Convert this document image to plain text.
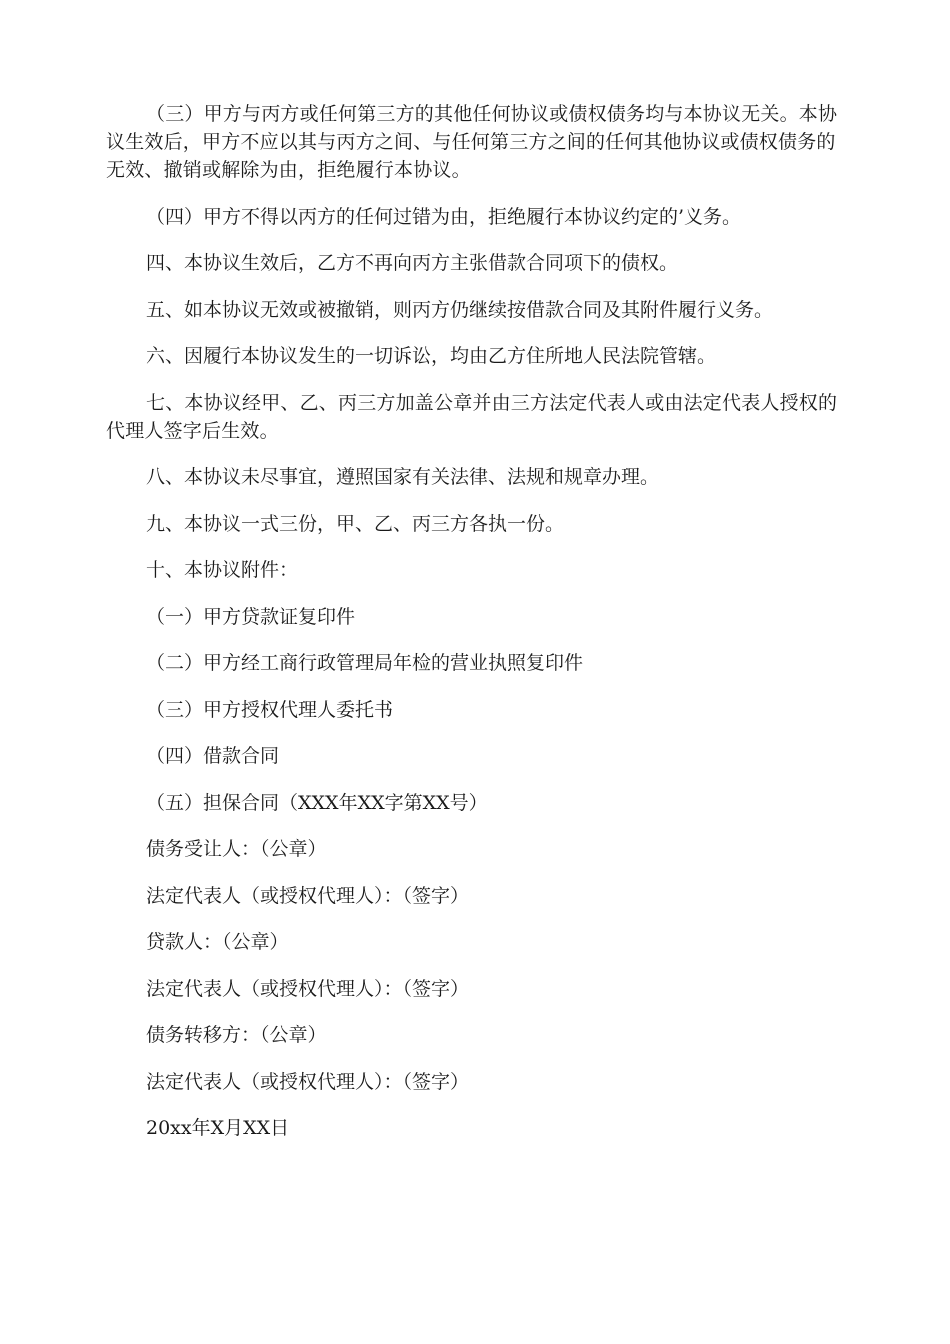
（三）甲方与丙方或任何第三方的其他任何协议或债权债务均与本协议无关。本协议生效后，甲方不应以其与丙方之间、与任何第三方之间的任何其他协议或债权债务的无效、撤销或解除为由，拒绝履行本协议。

（四）甲方不得以丙方的任何过错为由，拒绝履行本协议约定的’义务。

四、本协议生效后，乙方不再向丙方主张借款合同项下的债权。

五、如本协议无效或被撤销，则丙方仍继续按借款合同及其附件履行义务。

六、因履行本协议发生的一切诉讼，均由乙方住所地人民法院管辖。

七、本协议经甲、乙、丙三方加盖公章并由三方法定代表人或由法定代表人授权的代理人签字后生效。

八、本协议未尽事宜，遵照国家有关法律、法规和规章办理。

九、本协议一式三份，甲、乙、丙三方各执一份。

十、本协议附件：

（一）甲方贷款证复印件

（二）甲方经工商行政管理局年检的营业执照复印件

（三）甲方授权代理人委托书

（四）借款合同

（五）担保合同（XXX年XX字第XX号）

债务受让人：（公章）

法定代表人（或授权代理人）：（签字）

贷款人：（公章）

法定代表人（或授权代理人）：（签字）

债务转移方：（公章）

法定代表人（或授权代理人）：（签字）

20xx年X月XX日
